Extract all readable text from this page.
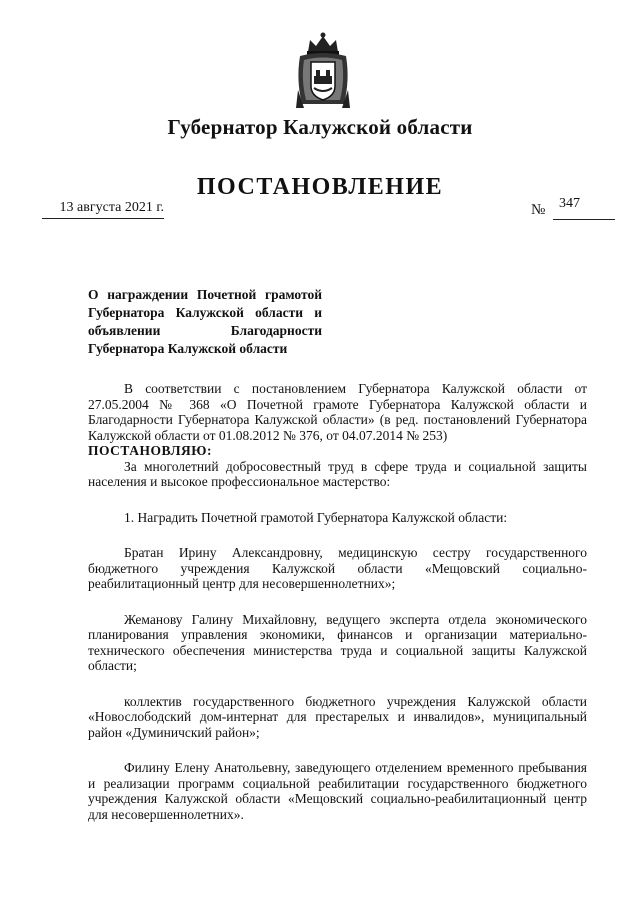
Губернатор Калужской области
ПОСТАНОВЛЕНИЕ
13 августа 2021 г.	№ 347
О награждении Почетной грамотой Губернатора Калужской области и объявлении Благодарности Губернатора Калужской области

В соответствии с постановлением Губернатора Калужской области от 27.05.2004 № 368 «О Почетной грамоте Губернатора Калужской области и Благодарности Губернатора Калужской области» (в ред. постановлений Губернатора Калужской области от 01.08.2012 № 376, от 04.07.2014 № 253)

ПОСТАНОВЛЯЮ:

За многолетний добросовестный труд в сфере труда и социальной защиты населения и высокое профессиональное мастерство:

1. Наградить Почетной грамотой Губернатора Калужской области:

Братан Ирину Александровну, медицинскую сестру государственного бюджетного учреждения Калужской области «Мещовский социально-реабилитационный центр для несовершеннолетних»;

Жеманову Галину Михайловну, ведущего эксперта отдела экономического планирования управления экономики, финансов и организации материально-технического обеспечения министерства труда и социальной защиты Калужской области;

коллектив государственного бюджетного учреждения Калужской области «Новослободский дом-интернат для престарелых и инвалидов», муниципальный район «Думиничский район»;

Филину Елену Анатольевну, заведующего отделением временного пребывания и реализации программ социальной реабилитации государственного бюджетного учреждения Калужской области «Мещовский социально-реабилитационный центр для несовершеннолетних».
